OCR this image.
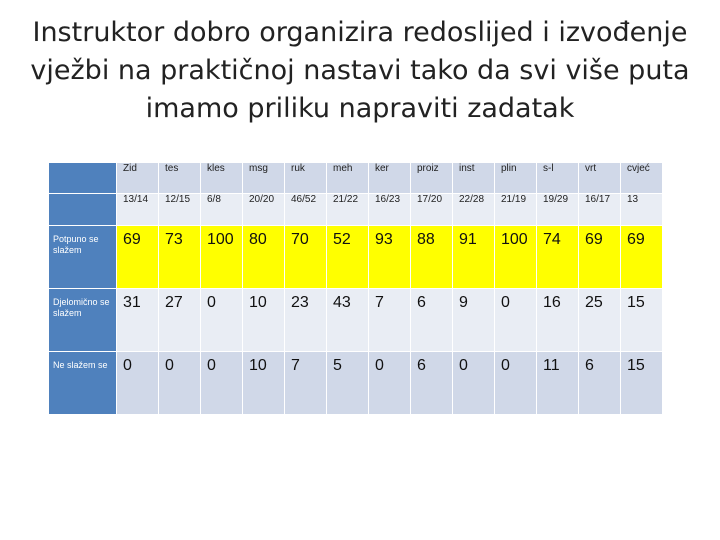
Instruktor dobro organizira redoslijed i izvođenje vježbi na praktičnoj nastavi tako da svi više puta imamo priliku napraviti zadatak
	Zid	tes	kles	msg	ruk	meh	ker	proiz	inst	plin	s-l	vrt	cvjeć
	13/14	12/15	6/8	20/20	46/52	21/22	16/23	17/20	22/28	21/19	19/29	16/17	13
Potpuno se slažem	69	73	100	80	70	52	93	88	91	100	74	69	69
Djelomično se slažem	31	27	0	10	23	43	7	6	9	0	16	25	15
Ne slažem se	0	0	0	10	7	5	0	6	0	0	11	6	15
